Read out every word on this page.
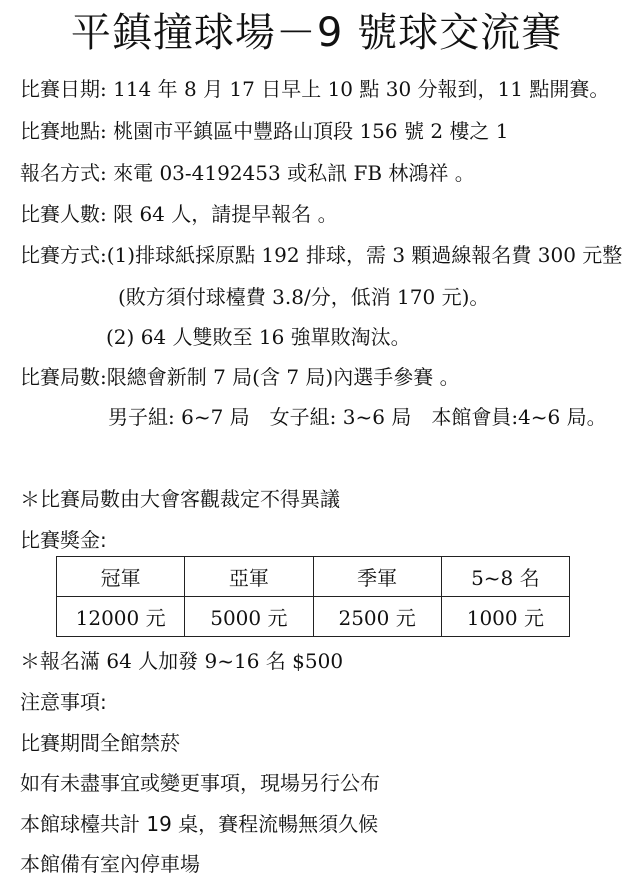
平鎮撞球場－9 號球交流賽
比賽日期: 114 年 8 月 17 日早上 10 點 30 分報到，11 點開賽。
比賽地點: 桃園市平鎮區中豐路山頂段 156 號 2 樓之 1
報名方式: 來電 03-4192453 或私訊 FB 林鴻祥 。
比賽人數: 限 64 人，請提早報名 。
比賽方式:(1)排球紙採原點 192 排球，需 3 顆過線報名費 300 元整
(敗方須付球檯費 3.8/分，低消 170 元)。
(2) 64 人雙敗至 16 強單敗淘汰。
比賽局數:限總會新制 7 局(含 7 局)內選手參賽 。
男子組: 6~7 局　女子組: 3~6 局　本館會員:4~6 局。
＊比賽局數由大會客觀裁定不得異議
比賽獎金:
冠軍	亞軍	季軍	5~8 名
12000 元	5000 元	2500 元	1000 元
＊報名滿 64 人加發 9~16 名 $500
注意事項:
比賽期間全館禁菸
如有未盡事宜或變更事項，現場另行公布
本館球檯共計 19 桌，賽程流暢無須久候
本館備有室內停車場
